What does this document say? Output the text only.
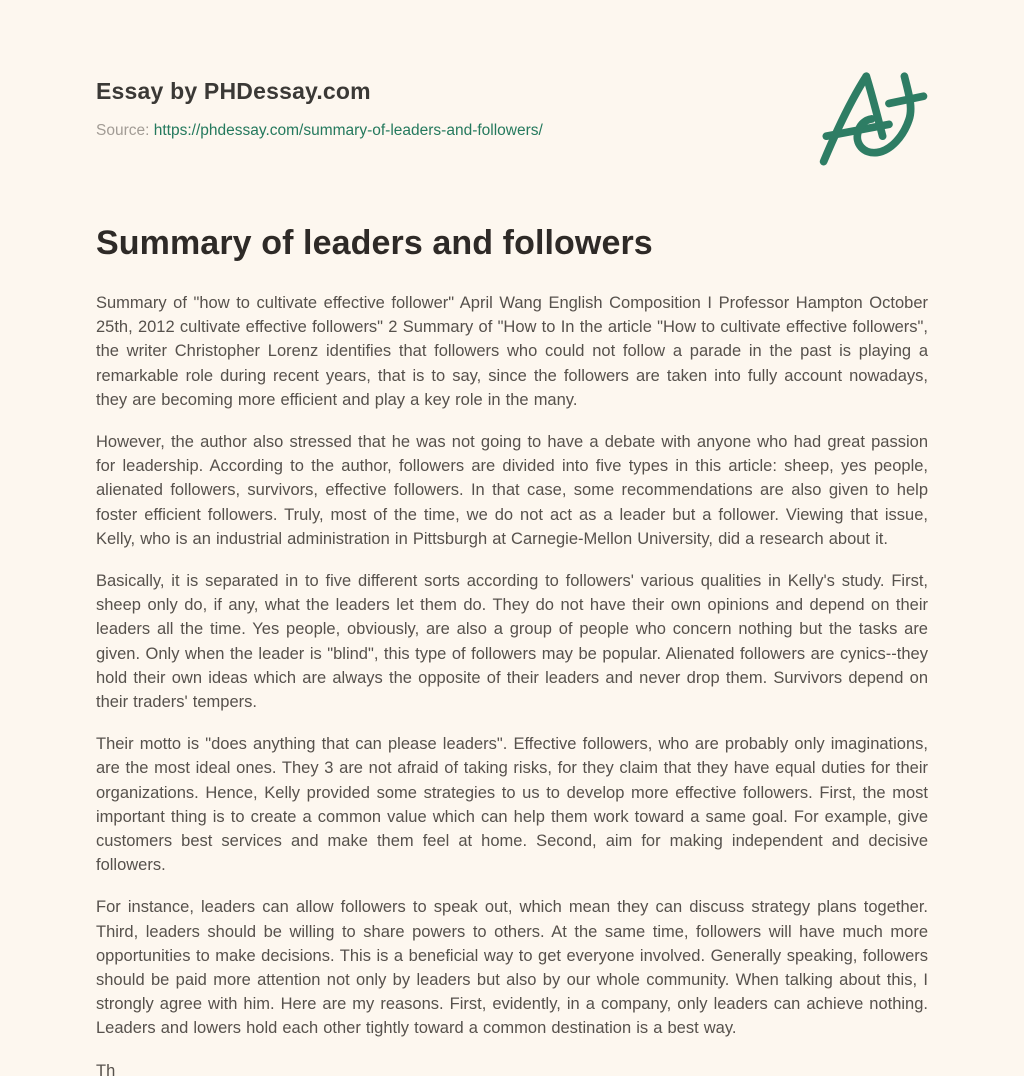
Essay by PHDessay.com
Source: https://phdessay.com/summary-of-leaders-and-followers/
Summary of leaders and followers

Summary of "how to cultivate effective follower" April Wang English Composition I Professor Hampton October 25th, 2012 cultivate effective followers" 2 Summary of "How to In the article "How to cultivate effective followers", the writer Christopher Lorenz identifies that followers who could not follow a parade in the past is playing a remarkable role during recent years, that is to say, since the followers are taken into fully account nowadays, they are becoming more efficient and play a key role in the many.

However, the author also stressed that he was not going to have a debate with anyone who had great passion for leadership. According to the author, followers are divided into five types in this article: sheep, yes people, alienated followers, survivors, effective followers. In that case, some recommendations are also given to help foster efficient followers. Truly, most of the time, we do not act as a leader but a follower. Viewing that issue, Kelly, who is an industrial administration in Pittsburgh at Carnegie-Mellon University, did a research about it.

Basically, it is separated in to five different sorts according to followers' various qualities in Kelly's study. First, sheep only do, if any, what the leaders let them do. They do not have their own opinions and depend on their leaders all the time. Yes people, obviously, are also a group of people who concern nothing but the tasks are given. Only when the leader is "blind", this type of followers may be popular. Alienated followers are cynics--they hold their own ideas which are always the opposite of their leaders and never drop them. Survivors depend on their traders' tempers.

Their motto is "does anything that can please leaders". Effective followers, who are probably only imaginations, are the most ideal ones. They 3 are not afraid of taking risks, for they claim that they have equal duties for their organizations. Hence, Kelly provided some strategies to us to develop more effective followers. First, the most important thing is to create a common value which can help them work toward a same goal. For example, give customers best services and make them feel at home. Second, aim for making independent and decisive followers.

For instance, leaders can allow followers to speak out, which mean they can discuss strategy plans together. Third, leaders should be willing to share powers to others. At the same time, followers will have much more opportunities to make decisions. This is a beneficial way to get everyone involved. Generally speaking, followers should be paid more attention not only by leaders but also by our whole community. When talking about this, I strongly agree with him. Here are my reasons. First, evidently, in a company, only leaders can achieve nothing. Leaders and lowers hold each other tightly toward a common destination is a best way.

Th
